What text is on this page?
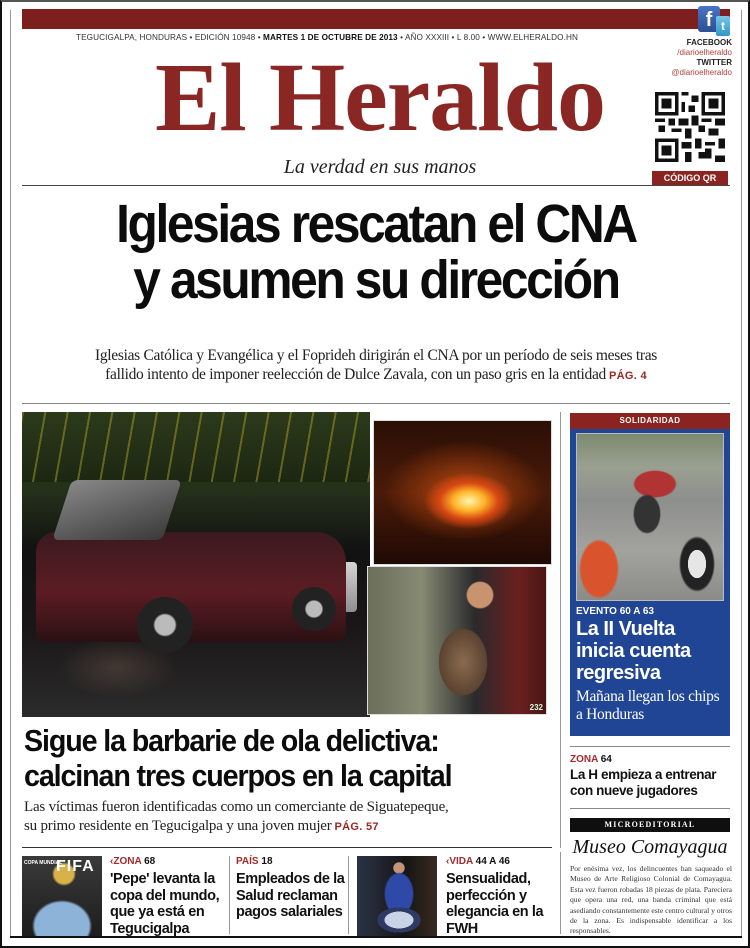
TEGUCIGALPA, HONDURAS • EDICIÓN 10948 • MARTES 1 DE OCTUBRE DE 2013 • AÑO XXXIII • L 8.00 • WWW.ELHERALDO.HN
f t
FACEBOOK
/diarioelheraldo
TWITTER
@diarioelheraldo
CÓDIGO QR
El Heraldo
La verdad en sus manos
Iglesias rescatan el CNA
y asumen su dirección
Iglesias Católica y Evangélica y el Foprideh dirigirán el CNA por un período de seis meses tras
fallido intento de imponer reelección de Dulce Zavala, con un paso gris en la entidad PÁG. 4
232
Sigue la barbarie de ola delictiva:
calcinan tres cuerpos en la capital
Las víctimas fueron identificadas como un comerciante de Siguatepeque,
su primo residente en Tegucigalpa y una joven mujer PÁG. 57
COPA MUNDIAL
FIFA ‹ZONA 68
'Pepe' levanta la copa del mundo, que ya está en Tegucigalpa
PAÍS 18
Empleados de la Salud reclaman pagos salariales
‹VIDA 44 A 46
Sensualidad, perfección y elegancia en la FWH
SOLIDARIDAD
EVENTO 60 A 63
La II Vuelta inicia cuenta regresiva
Mañana llegan los chips a Honduras
ZONA 64
La H empieza a entrenar con nueve jugadores
MICROEDITORIAL
Museo Comayagua
Por enésima vez, los delincuentes han saqueado el Museo de Arte Religioso Colonial de Comayagua. Esta vez fueron robadas 18 piezas de plata. Pareciera que opera una red, una banda criminal que está asediando constantemente este centro cultural y otros de la zona. Es indispensable identificar a los responsables.
